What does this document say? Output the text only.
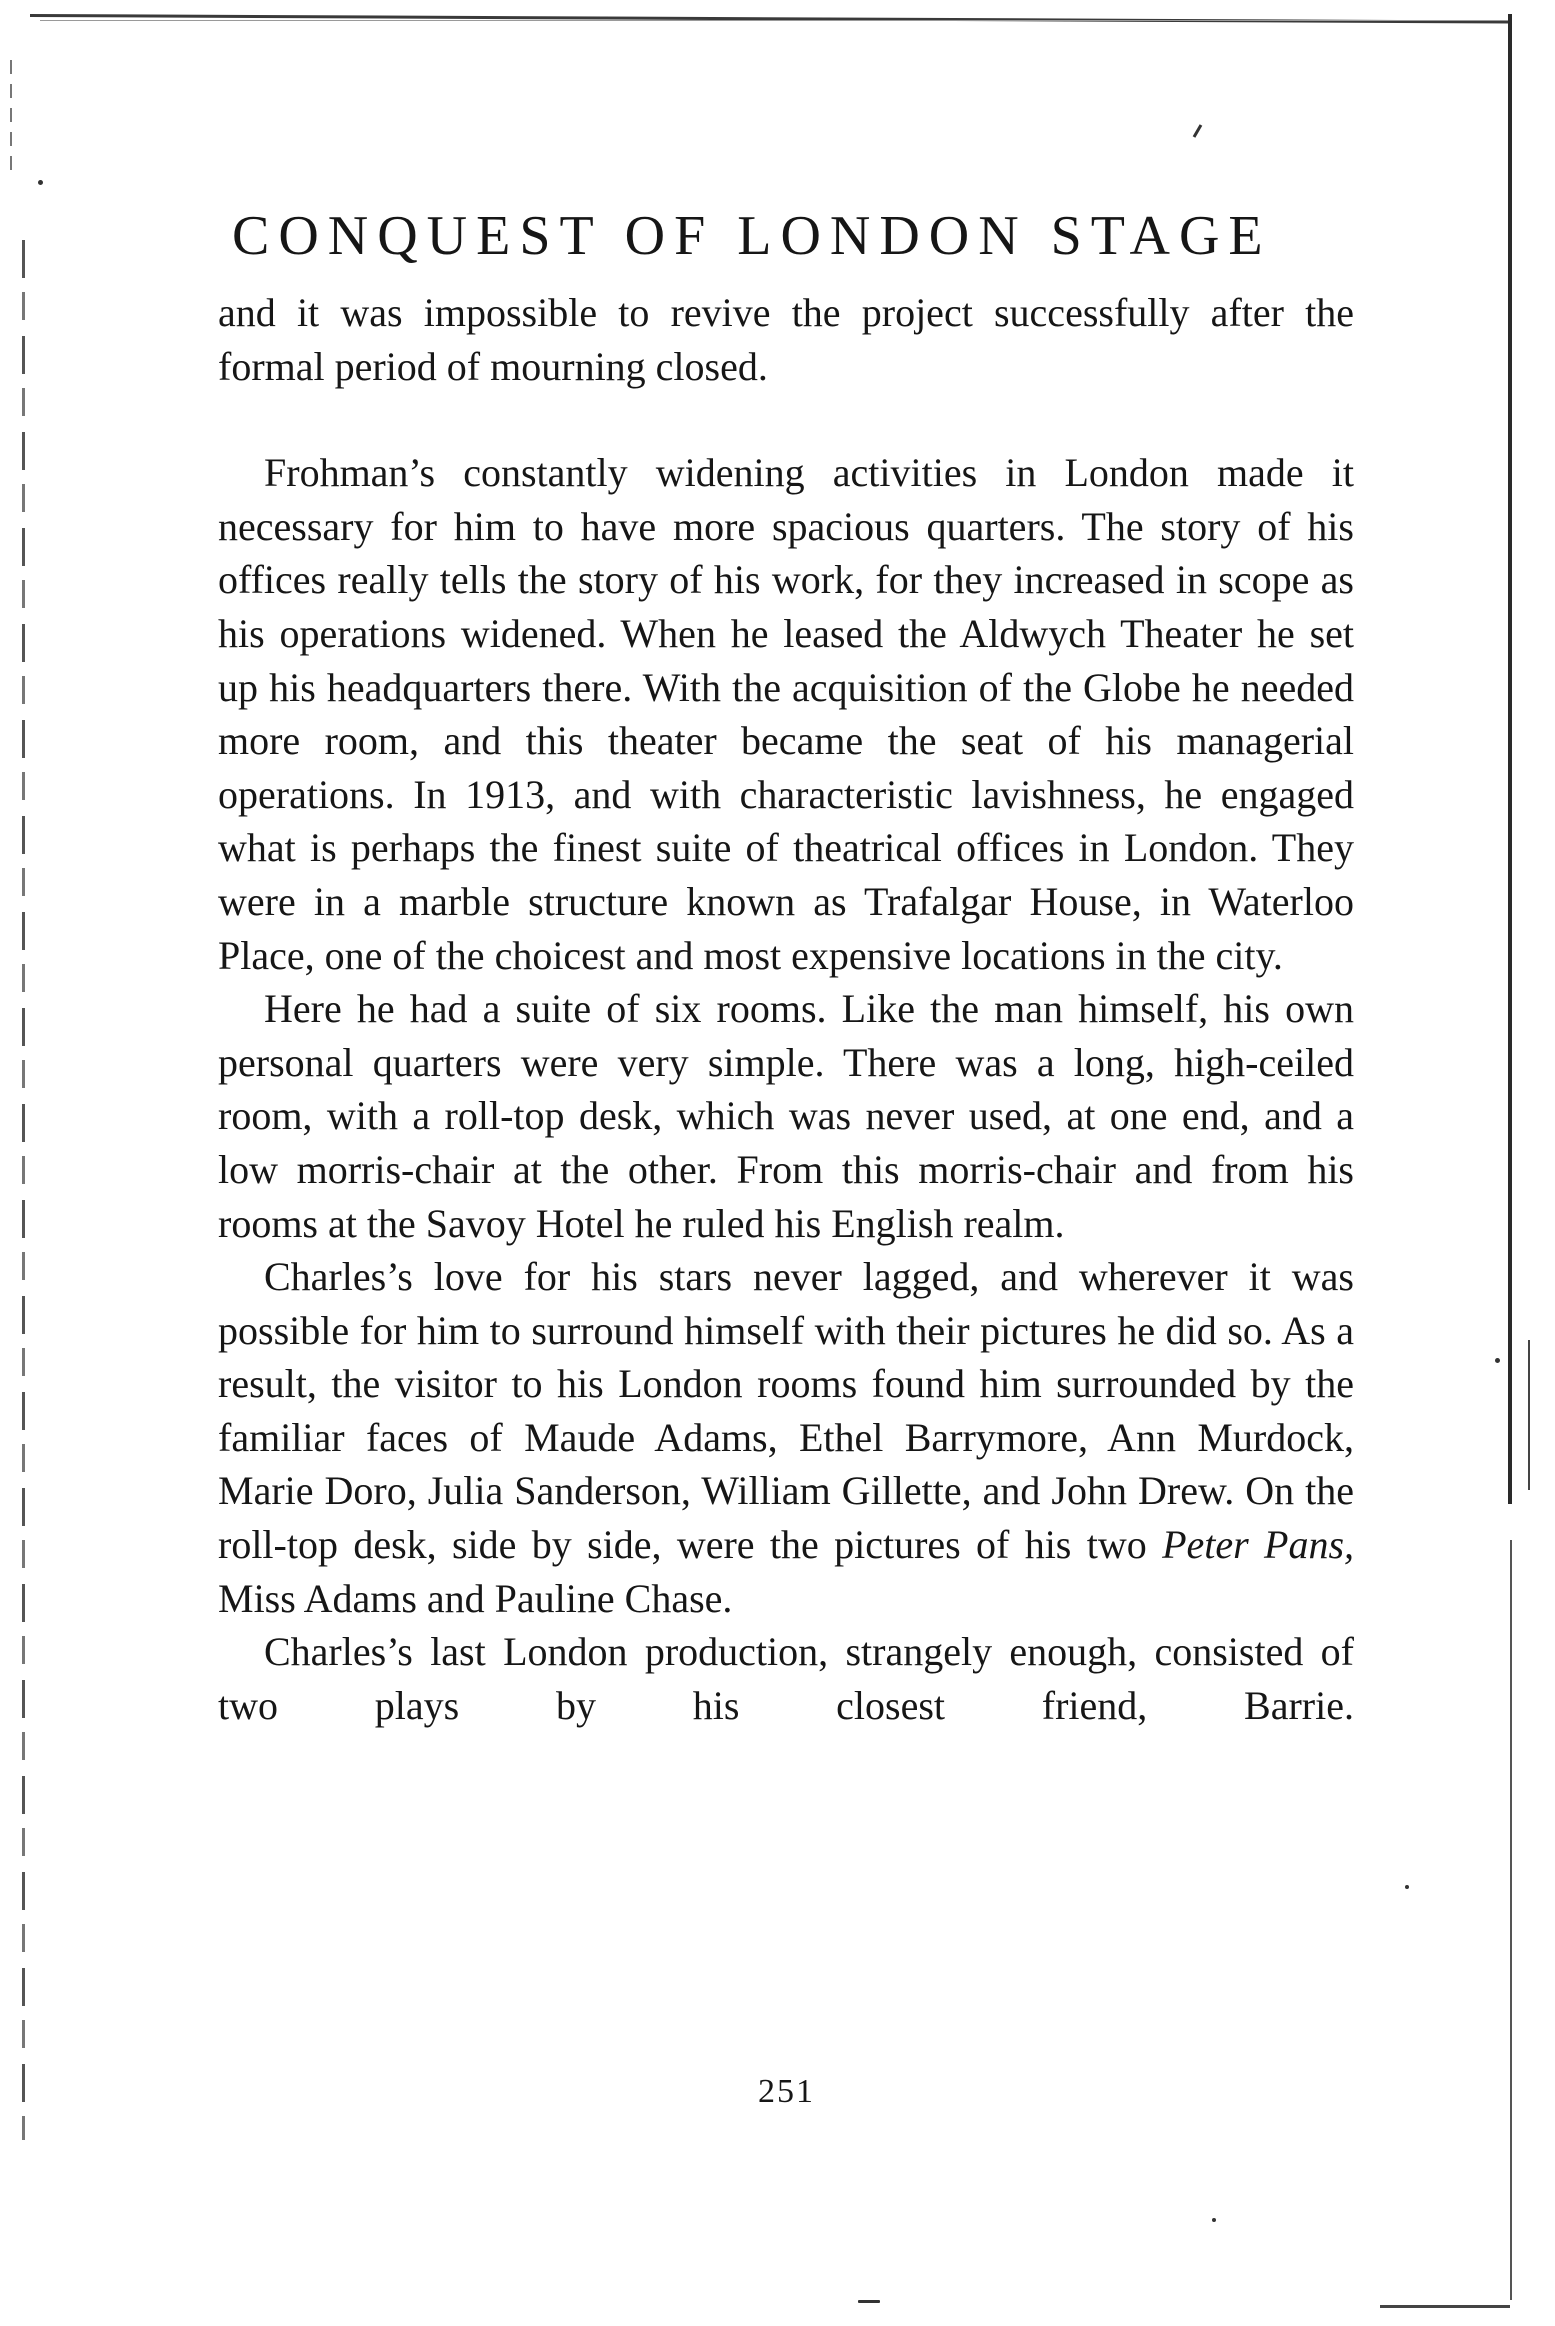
CONQUEST OF LONDON STAGE

and it was impossible to revive the project successfully after the formal period of mourning closed.

Frohman’s constantly widening activities in London made it necessary for him to have more spacious quarters. The story of his offices really tells the story of his work, for they increased in scope as his operations widened. When he leased the Aldwych Theater he set up his headquarters there. With the acquisition of the Globe he needed more room, and this theater became the seat of his managerial operations. In 1913, and with characteristic lavishness, he engaged what is perhaps the finest suite of theatrical offices in London. They were in a marble structure known as Trafalgar House, in Waterloo Place, one of the choicest and most expensive locations in the city.

Here he had a suite of six rooms. Like the man himself, his own personal quarters were very simple. There was a long, high-ceiled room, with a roll-top desk, which was never used, at one end, and a low morris-chair at the other. From this morris-chair and from his rooms at the Savoy Hotel he ruled his English realm.

Charles’s love for his stars never lagged, and wherever it was possible for him to surround himself with their pictures he did so. As a result, the visitor to his London rooms found him surrounded by the familiar faces of Maude Adams, Ethel Barrymore, Ann Murdock, Marie Doro, Julia Sanderson, William Gillette, and John Drew. On the roll-top desk, side by side, were the pictures of his two Peter Pans, Miss Adams and Pauline Chase.

Charles’s last London production, strangely enough, consisted of two plays by his closest friend, Barrie.

251
